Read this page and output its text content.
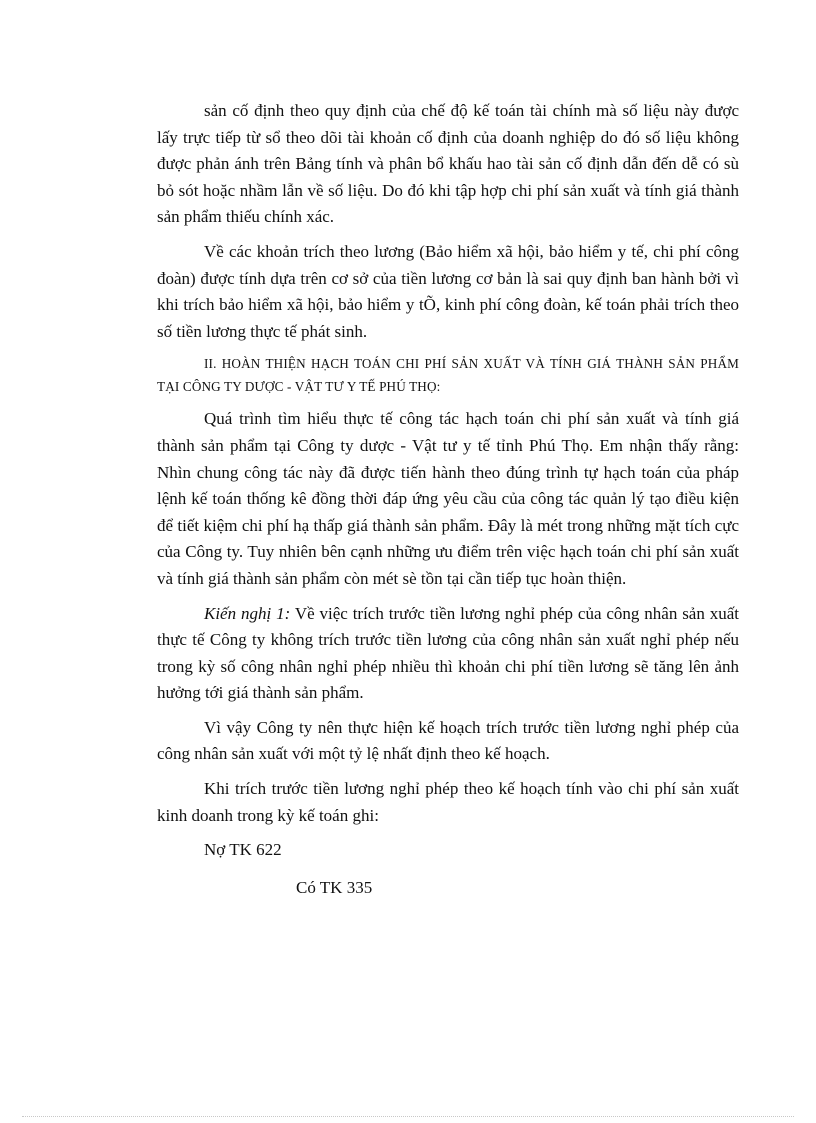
sản cố định theo quy định của chế độ kế toán tài chính mà số liệu này được lấy trực tiếp từ sổ theo dõi tài khoản cố định của doanh nghiệp do đó số liệu không được phản ánh trên Bảng tính và phân bổ khấu hao tài sản cố định dẫn đến dễ có sù bỏ sót hoặc nhầm lẫn về số liệu. Do đó khi tập hợp chi phí sản xuất và tính giá thành sản phẩm thiếu chính xác.

Về các khoản trích theo lương (Bảo hiểm xã hội, bảo hiểm y tế, chi phí công đoàn) được tính dựa trên cơ sở của tiền lương cơ bản là sai quy định ban hành bởi vì khi trích bảo hiểm xã hội, bảo hiểm y tÕ, kinh phí công đoàn, kế toán phải trích theo số tiền lương thực tế phát sinh.

II. HOÀN THIỆN HẠCH TOÁN CHI PHÍ SẢN XUẤT VÀ TÍNH GIÁ THÀNH SẢN PHẨM TẠI CÔNG TY DƯỢC - VẬT TƯ Y TẾ PHÚ THỌ:

Quá trình tìm hiểu thực tế công tác hạch toán chi phí sản xuất và tính giá thành sản phẩm tại Công ty dược - Vật tư y tế tỉnh Phú Thọ. Em nhận thấy rằng: Nhìn chung công tác này đã được tiến hành theo đúng trình tự hạch toán của pháp lệnh kế toán thống kê đồng thời đáp ứng yêu cầu của công tác quản lý tạo điều kiện để tiết kiệm chi phí hạ thấp giá thành sản phẩm. Đây là mét trong những mặt tích cực của Công ty. Tuy nhiên bên cạnh những ưu điểm trên việc hạch toán chi phí sản xuất và tính giá thành sản phẩm còn mét sè tồn tại cần tiếp tục hoàn thiện.

Kiến nghị 1: Về việc trích trước tiền lương nghỉ phép của công nhân sản xuất thực tế Công ty không trích trước tiền lương của công nhân sản xuất nghỉ phép nếu trong kỳ số công nhân nghỉ phép nhiều thì khoản chi phí tiền lương sẽ tăng lên ảnh hưởng tới giá thành sản phẩm.

Vì vậy Công ty nên thực hiện kế hoạch trích trước tiền lương nghỉ phép của công nhân sản xuất với một tỷ lệ nhất định theo kế hoạch.

Khi trích trước tiền lương nghỉ phép theo kế hoạch tính vào chi phí sản xuất kinh doanh trong kỳ kế toán ghi:

Nợ TK 622

Có TK 335
